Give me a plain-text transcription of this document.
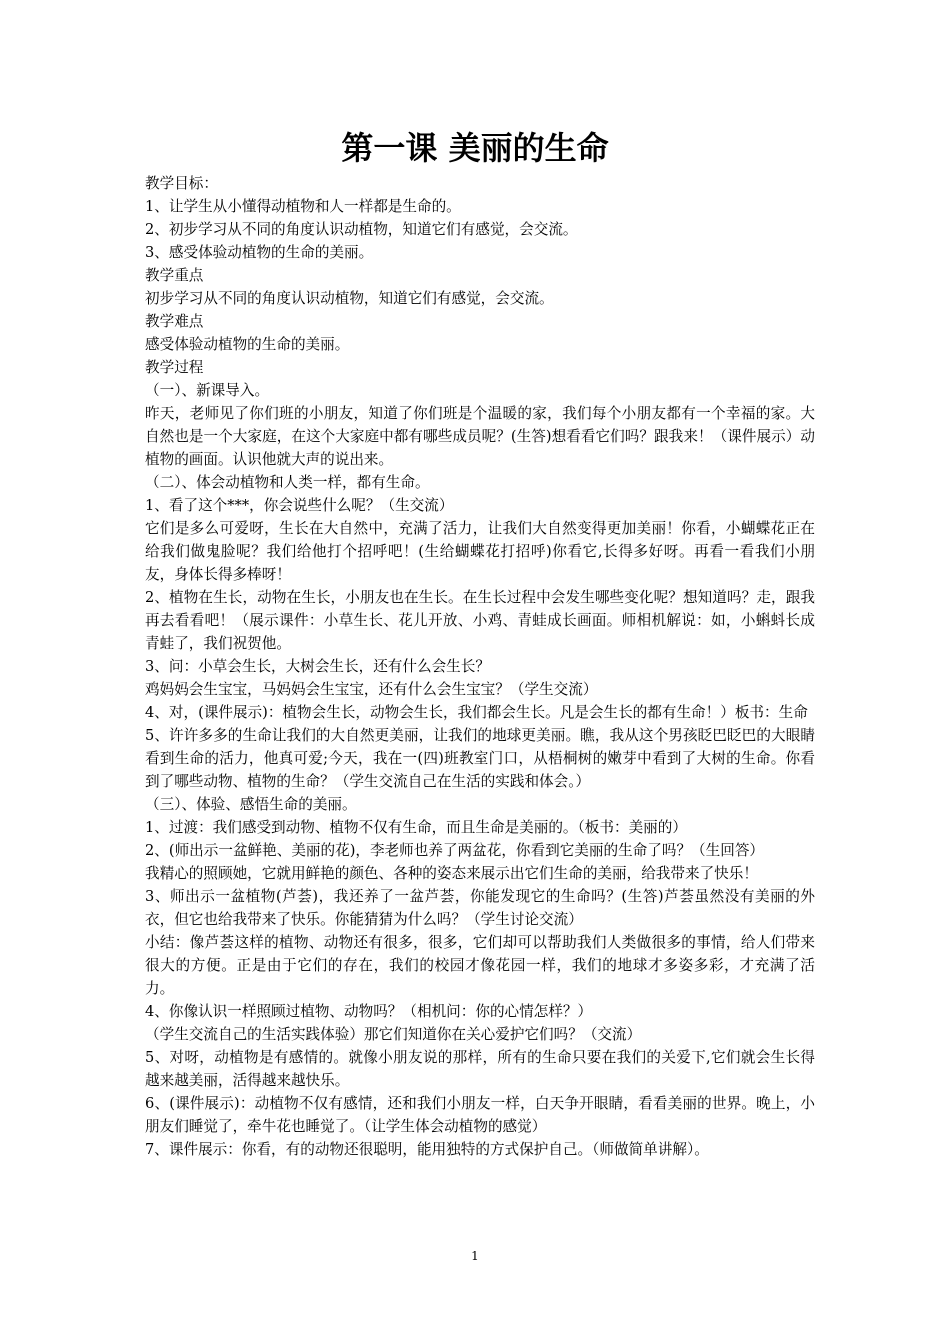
第一课 美丽的生命

教学目标：

1、让学生从小懂得动植物和人一样都是生命的。

2、初步学习从不同的角度认识动植物，知道它们有感觉，会交流。

3、感受体验动植物的生命的美丽。

教学重点

初步学习从不同的角度认识动植物，知道它们有感觉，会交流。

教学难点

感受体验动植物的生命的美丽。

教学过程

（一）、新课导入。

昨天，老师见了你们班的小朋友，知道了你们班是个温暖的家，我们每个小朋友都有一个幸福的家。大自然也是一个大家庭，在这个大家庭中都有哪些成员呢？(生答)想看看它们吗？跟我来！（课件展示）动植物的画面。认识他就大声的说出来。

（二）、体会动植物和人类一样，都有生命。

1、看了这个***，你会说些什么呢？（生交流）

它们是多么可爱呀，生长在大自然中，充满了活力，让我们大自然变得更加美丽！你看，小蝴蝶花正在给我们做鬼脸呢？我们给他打个招呼吧！(生给蝴蝶花打招呼)你看它,长得多好呀。再看一看我们小朋友，身体长得多棒呀！

2、植物在生长，动物在生长，小朋友也在生长。在生长过程中会发生哪些变化呢？想知道吗？走，跟我再去看看吧！（展示课件：小草生长、花儿开放、小鸡、青蛙成长画面。师相机解说：如，小蝌蚪长成青蛙了，我们祝贺他。

3、问：小草会生长，大树会生长，还有什么会生长？

鸡妈妈会生宝宝，马妈妈会生宝宝，还有什么会生宝宝？（学生交流）

4、对，(课件展示)：植物会生长，动物会生长，我们都会生长。凡是会生长的都有生命！）板书：生命

5、许许多多的生命让我们的大自然更美丽，让我们的地球更美丽。瞧，我从这个男孩眨巴眨巴的大眼睛看到生命的活力，他真可爱;今天，我在一(四)班教室门口，从梧桐树的嫩芽中看到了大树的生命。你看到了哪些动物、植物的生命？（学生交流自己在生活的实践和体会。）

（三）、体验、感悟生命的美丽。

1、过渡：我们感受到动物、植物不仅有生命，而且生命是美丽的。（板书：美丽的）

2、(师出示一盆鲜艳、美丽的花)，李老师也养了两盆花，你看到它美丽的生命了吗？（生回答）

我精心的照顾她，它就用鲜艳的颜色、各种的姿态来展示出它们生命的美丽，给我带来了快乐！

3、师出示一盆植物(芦荟)，我还养了一盆芦荟，你能发现它的生命吗？(生答)芦荟虽然没有美丽的外衣，但它也给我带来了快乐。你能猜猜为什么吗？（学生讨论交流）

小结：像芦荟这样的植物、动物还有很多，很多，它们却可以帮助我们人类做很多的事情，给人们带来很大的方便。正是由于它们的存在，我们的校园才像花园一样，我们的地球才多姿多彩，才充满了活力。

4、你像认识一样照顾过植物、动物吗？（相机问：你的心情怎样？）

（学生交流自己的生活实践体验）那它们知道你在关心爱护它们吗？（交流）

5、对呀，动植物是有感情的。就像小朋友说的那样，所有的生命只要在我们的关爱下,它们就会生长得越来越美丽，活得越来越快乐。

6、(课件展示)：动植物不仅有感情，还和我们小朋友一样，白天争开眼睛，看看美丽的世界。晚上，小朋友们睡觉了，牵牛花也睡觉了。（让学生体会动植物的感觉）

7、课件展示：你看，有的动物还很聪明，能用独特的方式保护自己。（师做简单讲解）。

1
